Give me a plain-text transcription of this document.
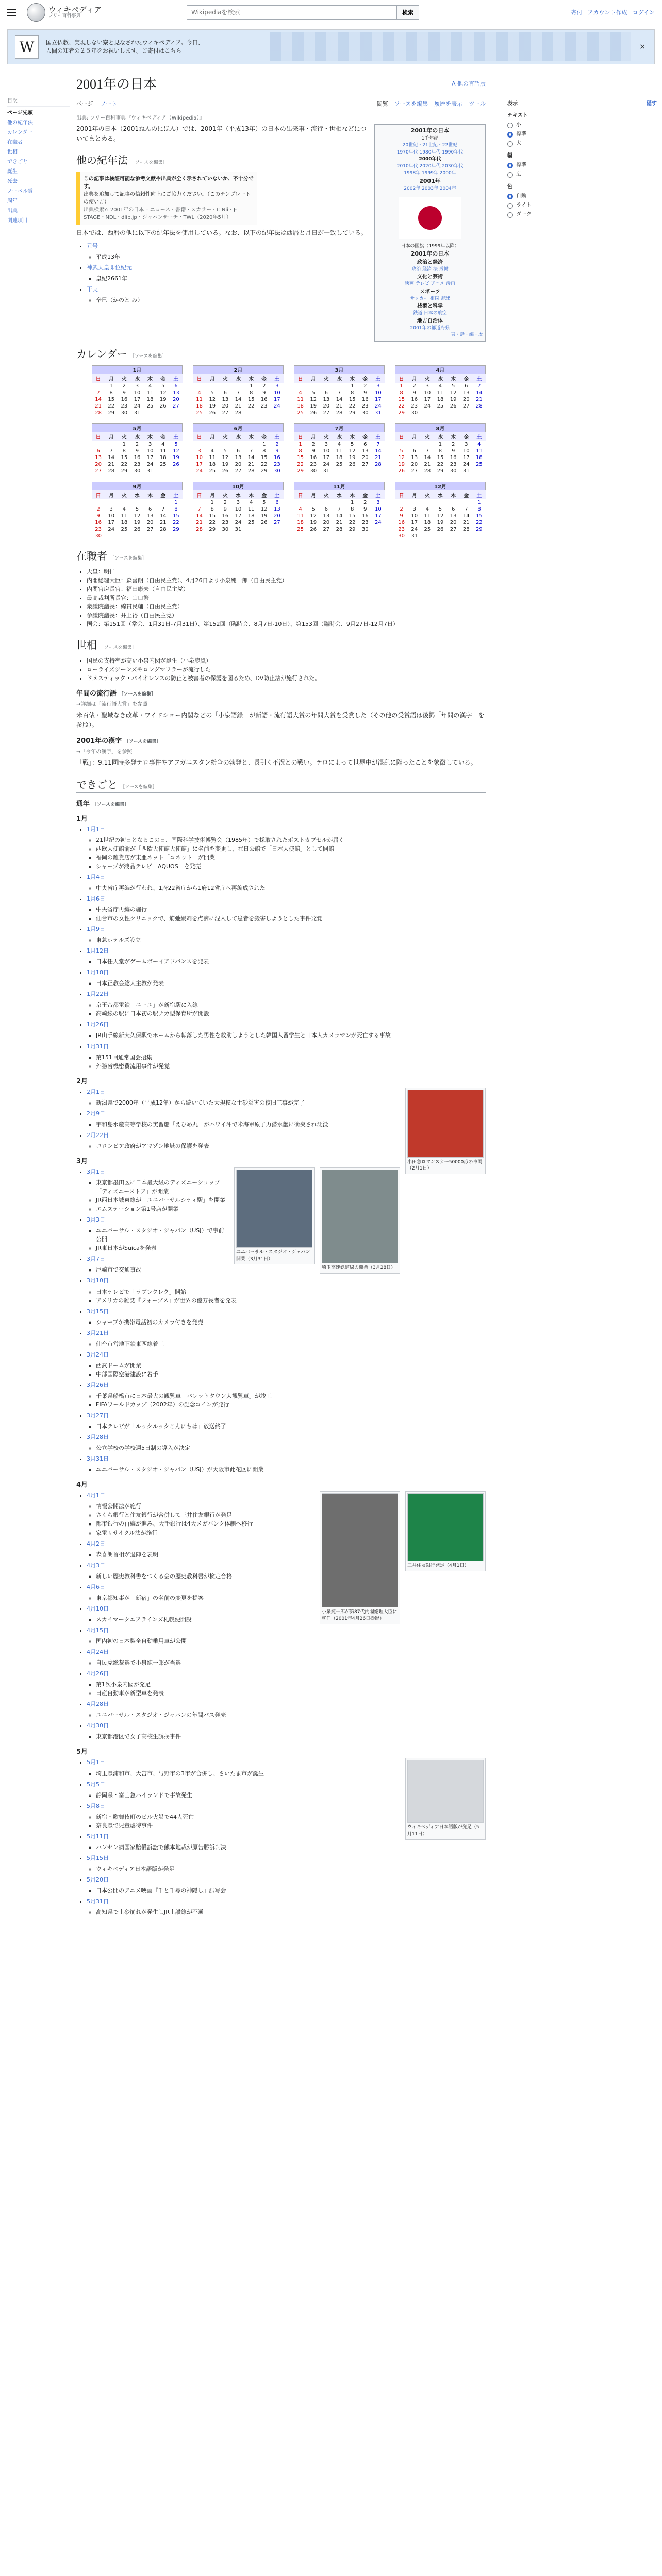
ウィキペディア
フリー百科事典
Wikipediaを検索
検索	寄付 アカウント作成 ログイン
W	国立仏教、実現しない寮と見なされたウィキペディア。今日、
人間の知者の２５年をお祝いします。ご寄付はこちら	×
目次
ページ先頭
他の紀年法
カレンダー
在職者
世相
できごと
誕生
死去
ノーベル賞
周年
出典
関連項目
2001年の日本	A 他の言語版
ページ ノート	閲覧 ソースを編集 履歴を表示 ツール
出典: フリー百科事典『ウィキペディア（Wikipedia）』
2001年の日本
1千年紀
20世紀・21世紀・22世紀
1970年代 1980年代 1990年代
2000年代
2010年代 2020年代 2030年代
1998年 1999年 2000年
2001年
2002年 2003年 2004年
日本の国旗（1999年以降）
2001年の日本
政治と経済
政治 経済 法 労働
文化と芸術
映画 テレビ アニメ 漫画
スポーツ
サッカー 相撲 野球
技術と科学
鉄道 日本の航空
地方自治体
2001年の都道府県
表・話・編・歴

2001年の日本（2001ねんのにほん）では、2001年（平成13年）の日本の出来事・流行・世相などについてまとめる。

他の紀年法 ［ソースを編集］
この記事は検証可能な参考文献や出典が全く示されていないか、不十分です。
出典を追加して記事の信頼性向上にご協力ください。（このテンプレートの使い方）
出典検索?: 2001年の日本 – ニュース・書籍・スカラー・CiNii・J-STAGE・NDL・dlib.jp・ジャパンサーチ・TWL（2020年5月）

日本では、西暦の他に以下の紀年法を使用している。なお、以下の紀年法は西暦と月日が一致している。

• 元号
◦ 平成13年
• 神武天皇即位紀元
◦ 皇紀2661年
• 干支
◦ 辛巳（かのと み）
カレンダー ［ソースを編集］
1月
日	月	火	水	木	金	土
	1	2	3	4	5	6
7	8	9	10	11	12	13
14	15	16	17	18	19	20
21	22	23	24	25	26	27
28	29	30	31			
2月
日	月	火	水	木	金	土
				1	2	3
4	5	6	7	8	9	10
11	12	13	14	15	16	17
18	19	20	21	22	23	24
25	26	27	28			
3月
日	月	火	水	木	金	土
				1	2	3
4	5	6	7	8	9	10
11	12	13	14	15	16	17
18	19	20	21	22	23	24
25	26	27	28	29	30	31
4月
日	月	火	水	木	金	土
1	2	3	4	5	6	7
8	9	10	11	12	13	14
15	16	17	18	19	20	21
22	23	24	25	26	27	28
29	30					
5月
日	月	火	水	木	金	土
		1	2	3	4	5
6	7	8	9	10	11	12
13	14	15	16	17	18	19
20	21	22	23	24	25	26
27	28	29	30	31		
6月
日	月	火	水	木	金	土
					1	2
3	4	5	6	7	8	9
10	11	12	13	14	15	16
17	18	19	20	21	22	23
24	25	26	27	28	29	30
7月
日	月	火	水	木	金	土
1	2	3	4	5	6	7
8	9	10	11	12	13	14
15	16	17	18	19	20	21
22	23	24	25	26	27	28
29	30	31				
8月
日	月	火	水	木	金	土
			1	2	3	4
5	6	7	8	9	10	11
12	13	14	15	16	17	18
19	20	21	22	23	24	25
26	27	28	29	30	31	
9月
日	月	火	水	木	金	土
						1
2	3	4	5	6	7	8
9	10	11	12	13	14	15
16	17	18	19	20	21	22
23	24	25	26	27	28	29
30						
10月
日	月	火	水	木	金	土
	1	2	3	4	5	6
7	8	9	10	11	12	13
14	15	16	17	18	19	20
21	22	23	24	25	26	27
28	29	30	31			
11月
日	月	火	水	木	金	土
				1	2	3
4	5	6	7	8	9	10
11	12	13	14	15	16	17
18	19	20	21	22	23	24
25	26	27	28	29	30	
12月
日	月	火	水	木	金	土
						1
2	3	4	5	6	7	8
9	10	11	12	13	14	15
16	17	18	19	20	21	22
23	24	25	26	27	28	29
30	31					
在職者 ［ソースを編集］
• 天皇：明仁
• 内閣総理大臣：森喜朗（自由民主党）、4月26日より小泉純一郎（自由民主党）
• 内閣官房長官：福田康夫（自由民主党）
• 最高裁判所長官：山口繁
• 衆議院議長：綿貫民輔（自由民主党）
• 参議院議長：井上裕（自由民主党）
• 国会：第151回（常会、1月31日-7月31日）、第152回（臨時会、8月7日-10日）、第153回（臨時会、9月27日-12月7日）
世相 ［ソースを編集］
• 国民の支持率が高い小泉内閣が誕生（小泉旋風）
• ローライズジーンズやロングマフラーが流行した
• ドメスティック・バイオレンスの防止と被害者の保護を図るため、DV防止法が施行された。
年間の流行語 ［ソースを編集］
→詳細は「流行語大賞」を参照

米百俵・聖域なき改革・ワイドショー内閣などの「小泉語録」が新語・流行語大賞の年間大賞を受賞した（その他の受賞語は後掲「年間の漢字」を参照）。

2001年の漢字 ［ソースを編集］
→「今年の漢字」を参照

「戦」：9.11同時多発テロ事件やアフガニスタン紛争の勃発と、長引く不況との戦い。テロによって世界中が混乱に陥ったことを象徴している。

できごと ［ソースを編集］
通年 ［ソースを編集］
1月
• 1月1日
◦ 21世紀の初日となるこの日、国際科学技術博覧会（1985年）で採取されたポストカプセルが届く
◦ 西欧大使館前が「西欧大使館大使館」に名前を変更し、在日公館で「日本大使館」として開館
◦ 福岡の雑貨店が東亜ネット「コネット」が開業
◦ シャープが液晶テレビ「AQUOS」を発売
• 1月4日
◦ 中央省庁再編が行われ、1府22省庁から1府12省庁へ再編成された
• 1月6日
◦ 中央省庁再編の施行
◦ 仙台市の女性クリニックで、筋弛緩剤を点滴に混入して患者を殺害しようとした事件発覚
• 1月9日
◦ 東急ホテルズ設立
• 1月12日
◦ 日本任天堂がゲームボーイアドバンスを発表
• 1月18日
◦ 日本正教会総大主教が発表
• 1月22日
◦ 京王帝都電鉄「ニーユ」が新宿駅に入線
◦ 高崎線の駅に日本初の駅ナカ型保育所が開設
• 1月26日
◦ JR山手線新大久保駅でホームから転落した男性を救助しようとした韓国人留学生と日本人カメラマンが死亡する事故
• 1月31日
◦ 第151回通常国会招集
◦ 外務省機密費流用事件が発覚
2月
小田急ロマンスカー50000形の車両（2月1日）
• 2月1日
◦ 新潟県で2000年（平成12年）から続いていた大規模な土砂災害の復旧工事が完了
• 2月9日
◦ 宇和島水産高等学校の実習船「えひめ丸」がハワイ沖で米海軍原子力潜水艦に衝突され沈没
• 2月22日
◦ コロンビア政府がアマゾン地域の保護を発表
3月
埼玉高速鉄道線の開業（3月28日）
ユニバーサル・スタジオ・ジャパン開業（3月31日）
• 3月1日
◦ 東京都墨田区に日本最大級のディズニーショップ「ディズニーストア」が開業
◦ JR西日本城東線が「ユニバーサルシティ駅」を開業
◦ エムステーション第1号店が開業
• 3月3日
◦ ユニバーサル・スタジオ・ジャパン（USJ）で事前公開
◦ JR東日本がSuicaを発表
• 3月7日
◦ 尼崎市で交通事故
• 3月10日
◦ 日本テレビで「ラブレクレク」開始
◦ アメリカの雑誌『フォーブス』が世界の億万長者を発表
• 3月15日
◦ シャープが携帯電話初のカメラ付きを発売
• 3月21日
◦ 仙台市営地下鉄東西線着工
• 3月24日
◦ 西武ドームが開業
◦ 中部国際空港建設に着手
• 3月26日
◦ 千葉県船橋市に日本最大の観覧車「パレットタウン大観覧車」が竣工
◦ FIFAワールドカップ（2002年）の記念コインが発行
• 3月27日
◦ 日本テレビが「ルックルックこんにちは」放送終了
• 3月28日
◦ 公立学校の学校週5日制の導入が決定
• 3月31日
◦ ユニバーサル・スタジオ・ジャパン（USJ）が大阪市此花区に開業
4月
三井住友銀行発足（4月1日）
小泉純一郎が第87代内閣総理大臣に就任（2001年4月26日撮影）
• 4月1日
◦ 情報公開法が施行
◦ さくら銀行と住友銀行が合併して三井住友銀行が発足
◦ 都市銀行の再編が進み、大手銀行は4大メガバンク体制へ移行
◦ 家電リサイクル法が施行
• 4月2日
◦ 森喜朗首相が退陣を表明
• 4月3日
◦ 新しい歴史教科書をつくる会の歴史教科書が検定合格
• 4月6日
◦ 東京都知事が「新宿」の名前の変更を提案
• 4月10日
◦ スカイマークエアラインズ札幌便開設
• 4月15日
◦ 国内初の日本製全自動乗用車が公開
• 4月24日
◦ 自民党総裁選で小泉純一郎が当選
• 4月26日
◦ 第1次小泉内閣が発足
◦ 日産自動車が新型車を発表
• 4月28日
◦ ユニバーサル・スタジオ・ジャパンの年間パス発売
• 4月30日
◦ 東京都港区で女子高校生誘拐事件
5月
ウィキペディア日本語版が発足（5月11日）
• 5月1日
◦ 埼玉県浦和市、大宮市、与野市の3市が合併し、さいたま市が誕生
• 5月5日
◦ 静岡県・富士急ハイランドで事故発生
• 5月8日
◦ 新宿・歌舞伎町のビル火災で44人死亡
◦ 奈良県で児童虐待事件
• 5月11日
◦ ハンセン病国家賠償訴訟で熊本地裁が原告勝訴判決
• 5月15日
◦ ウィキペディア日本語版が発足
• 5月20日
◦ 日本公開のアニメ映画『千と千尋の神隠し』試写会
• 5月31日
◦ 高知県で土砂崩れが発生しJR土讃線が不通
表示	隠す
テキスト
小
標準
大
幅
標準
広
色
自動
ライト
ダーク
